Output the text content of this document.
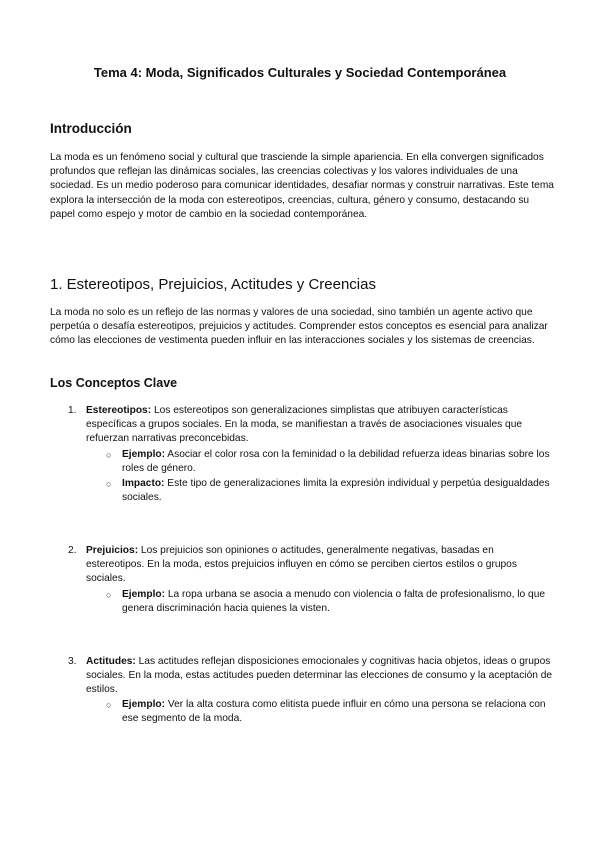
Tema 4: Moda, Significados Culturales y Sociedad Contemporánea
Introducción
La moda es un fenómeno social y cultural que trasciende la simple apariencia. En ella convergen significados profundos que reflejan las dinámicas sociales, las creencias colectivas y los valores individuales de una sociedad. Es un medio poderoso para comunicar identidades, desafiar normas y construir narrativas. Este tema explora la intersección de la moda con estereotipos, creencias, cultura, género y consumo, destacando su papel como espejo y motor de cambio en la sociedad contemporánea.
1. Estereotipos, Prejuicios, Actitudes y Creencias
La moda no solo es un reflejo de las normas y valores de una sociedad, sino también un agente activo que perpetúa o desafía estereotipos, prejuicios y actitudes. Comprender estos conceptos es esencial para analizar cómo las elecciones de vestimenta pueden influir en las interacciones sociales y los sistemas de creencias.
Los Conceptos Clave
1. Estereotipos: Los estereotipos son generalizaciones simplistas que atribuyen características específicas a grupos sociales. En la moda, se manifiestan a través de asociaciones visuales que refuerzan narrativas preconcebidas.
○ Ejemplo: Asociar el color rosa con la feminidad o la debilidad refuerza ideas binarias sobre los roles de género.
○ Impacto: Este tipo de generalizaciones limita la expresión individual y perpetúa desigualdades sociales.
2. Prejuicios: Los prejuicios son opiniones o actitudes, generalmente negativas, basadas en estereotipos. En la moda, estos prejuicios influyen en cómo se perciben ciertos estilos o grupos sociales.
○ Ejemplo: La ropa urbana se asocia a menudo con violencia o falta de profesionalismo, lo que genera discriminación hacia quienes la visten.
3. Actitudes: Las actitudes reflejan disposiciones emocionales y cognitivas hacia objetos, ideas o grupos sociales. En la moda, estas actitudes pueden determinar las elecciones de consumo y la aceptación de estilos.
○ Ejemplo: Ver la alta costura como elitista puede influir en cómo una persona se relaciona con ese segmento de la moda.
